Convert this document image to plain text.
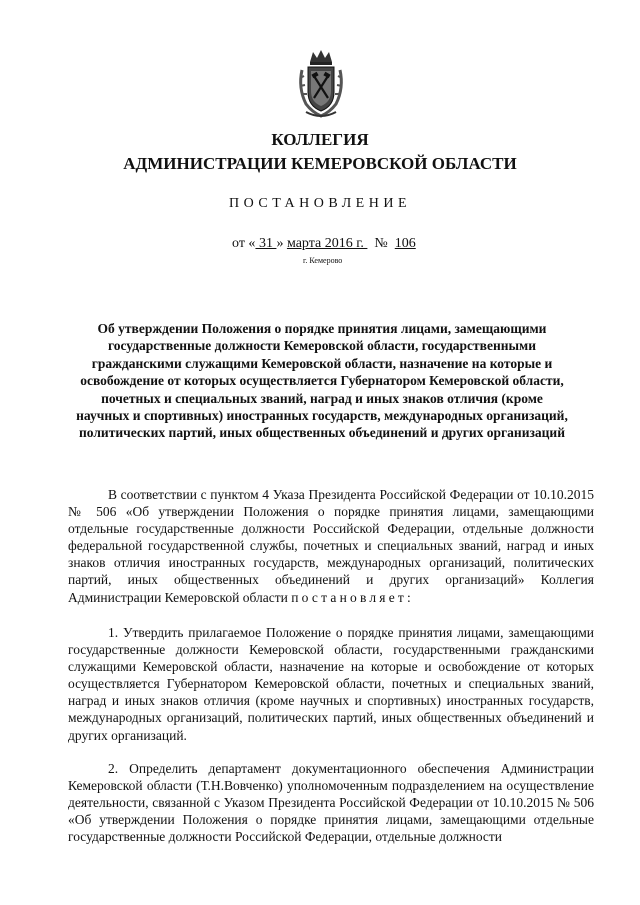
КОЛЛЕГИЯ
АДМИНИСТРАЦИИ КЕМЕРОВСКОЙ ОБЛАСТИ
ПОСТАНОВЛЕНИЕ
от « 31 » марта 2016 г.   № 106
г. Кемерово
Об утверждении Положения о порядке принятия лицами, замещающими государственные должности Кемеровской области, государственными гражданскими служащими Кемеровской области, назначение на которые и освобождение от которых осуществляется Губернатором Кемеровской области, почетных и специальных званий, наград и иных знаков отличия (кроме научных и спортивных) иностранных государств, международных организаций, политических партий, иных общественных объединений и других организаций
В соответствии с пунктом 4 Указа Президента Российской Федерации от 10.10.2015 № 506 «Об утверждении Положения о порядке принятия лицами, замещающими отдельные государственные должности Российской Федерации, отдельные должности федеральной государственной службы, почетных и специальных званий, наград и иных знаков отличия иностранных государств, международных организаций, политических партий, иных общественных объединений и других организаций» Коллегия Администрации Кемеровской области постановляет:
1. Утвердить прилагаемое Положение о порядке принятия лицами, замещающими государственные должности Кемеровской области, государственными гражданскими служащими Кемеровской области, назначение на которые и освобождение от которых осуществляется Губернатором Кемеровской области, почетных и специальных званий, наград и иных знаков отличия (кроме научных и спортивных) иностранных государств, международных организаций, политических партий, иных общественных объединений и других организаций.
2. Определить департамент документационного обеспечения Администрации Кемеровской области (Т.Н.Вовченко) уполномоченным подразделением на осуществление деятельности, связанной с Указом Президента Российской Федерации от 10.10.2015 № 506 «Об утверждении Положения о порядке принятия лицами, замещающими отдельные государственные должности Российской Федерации, отдельные должности
